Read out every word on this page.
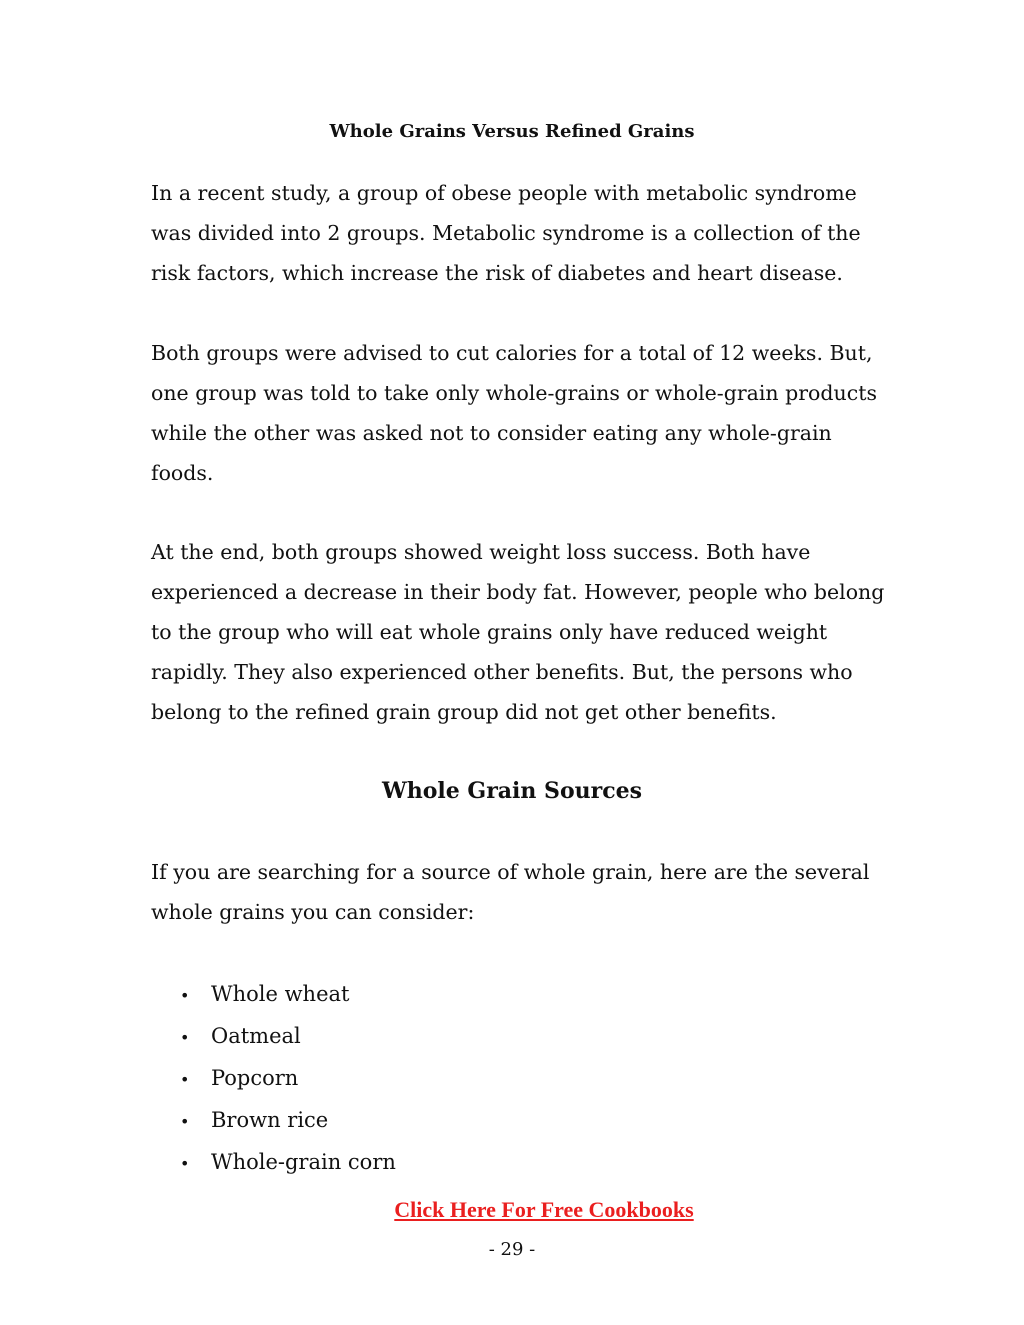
Whole Grains Versus Refined Grains

In a recent study, a group of obese people with metabolic syndrome
was divided into 2 groups. Metabolic syndrome is a collection of the
risk factors, which increase the risk of diabetes and heart disease.

Both groups were advised to cut calories for a total of 12 weeks. But,
one group was told to take only whole-grains or whole-grain products
while the other was asked not to consider eating any whole-grain
foods.

At the end, both groups showed weight loss success. Both have
experienced a decrease in their body fat. However, people who belong
to the group who will eat whole grains only have reduced weight
rapidly. They also experienced other benefits. But, the persons who
belong to the refined grain group did not get other benefits.

Whole Grain Sources

If you are searching for a source of whole grain, here are the several
whole grains you can consider:

• Whole wheat
• Oatmeal
• Popcorn
• Brown rice
• Whole-grain corn
Click Here For Free Cookbooks
- 29 -
